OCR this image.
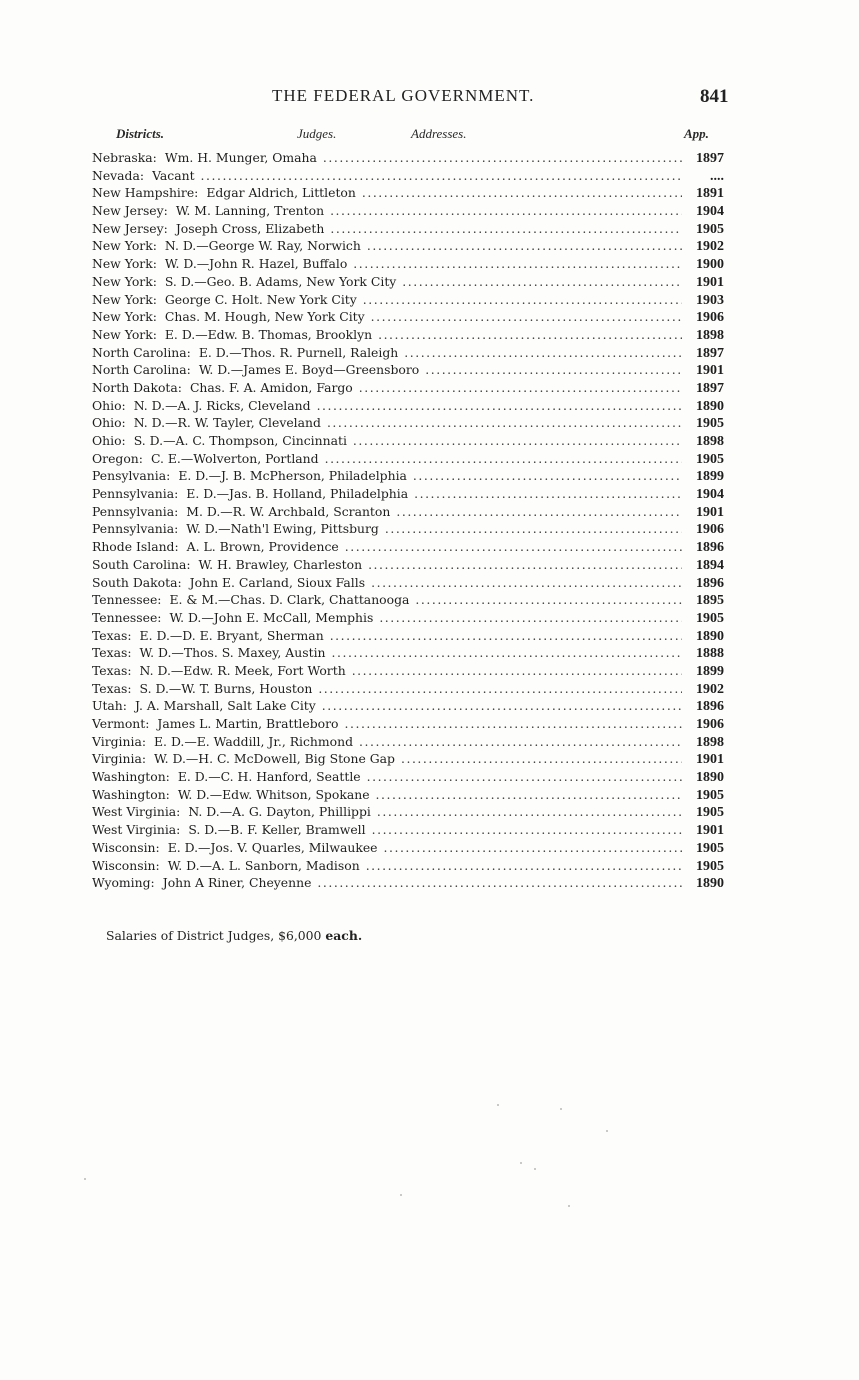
THE FEDERAL GOVERNMENT.	841
Districts.	Judges.	Addresses.	App.
Nebraska: Wm. H. Munger, Omaha . . .	1897
Nevada: Vacant . . .	....
New Hampshire: Edgar Aldrich, Littleton . . .	1891
New Jersey: W. M. Lanning, Trenton . . .	1904
New Jersey: Joseph Cross, Elizabeth . . .	1905
New York: N. D.—George W. Ray, Norwich . . .	1902
New York: W. D.—John R. Hazel, Buffalo . . .	1900
New York: S. D.—Geo. B. Adams, New York City . . .	1901
New York: George C. Holt. New York City . . .	1903
New York: Chas. M. Hough, New York City . . .	1906
New York: E. D.—Edw. B. Thomas, Brooklyn . . .	1898
North Carolina: E. D.—Thos. R. Purnell, Raleigh . . .	1897
North Carolina: W. D.—James E. Boyd—Greensboro . . .	1901
North Dakota: Chas. F. A. Amidon, Fargo . . .	1897
Ohio: N. D.—A. J. Ricks, Cleveland . . .	1890
Ohio: N. D.—R. W. Tayler, Cleveland . . .	1905
Ohio: S. D.—A. C. Thompson, Cincinnati . . .	1898
Oregon: C. E.—Wolverton, Portland . . .	1905
Pensylvania: E. D.—J. B. McPherson, Philadelphia . . .	1899
Pennsylvania: E. D.—Jas. B. Holland, Philadelphia . . .	1904
Pennsylvania: M. D.—R. W. Archbald, Scranton . . .	1901
Pennsylvania: W. D.—Nath'l Ewing, Pittsburg . . .	1906
Rhode Island: A. L. Brown, Providence . . .	1896
South Carolina: W. H. Brawley, Charleston . . .	1894
South Dakota: John E. Carland, Sioux Falls . . .	1896
Tennessee: E. & M.—Chas. D. Clark, Chattanooga . . .	1895
Tennessee: W. D.—John E. McCall, Memphis . . .	1905
Texas: E. D.—D. E. Bryant, Sherman . . .	1890
Texas: W. D.—Thos. S. Maxey, Austin . . .	1888
Texas: N. D.—Edw. R. Meek, Fort Worth . . .	1899
Texas: S. D.—W. T. Burns, Houston . . .	1902
Utah: J. A. Marshall, Salt Lake City . . .	1896
Vermont: James L. Martin, Brattleboro . . .	1906
Virginia: E. D.—E. Waddill, Jr., Richmond . . .	1898
Virginia: W. D.—H. C. McDowell, Big Stone Gap . . .	1901
Washington: E. D.—C. H. Hanford, Seattle . . .	1890
Washington: W. D.—Edw. Whitson, Spokane . . .	1905
West Virginia: N. D.—A. G. Dayton, Phillippi . . .	1905
West Virginia: S. D.—B. F. Keller, Bramwell . . .	1901
Wisconsin: E. D.—Jos. V. Quarles, Milwaukee . . .	1905
Wisconsin: W. D.—A. L. Sanborn, Madison . . .	1905
Wyoming: John A Riner, Cheyenne . . .	1890
Salaries of District Judges, $6,000 each.
